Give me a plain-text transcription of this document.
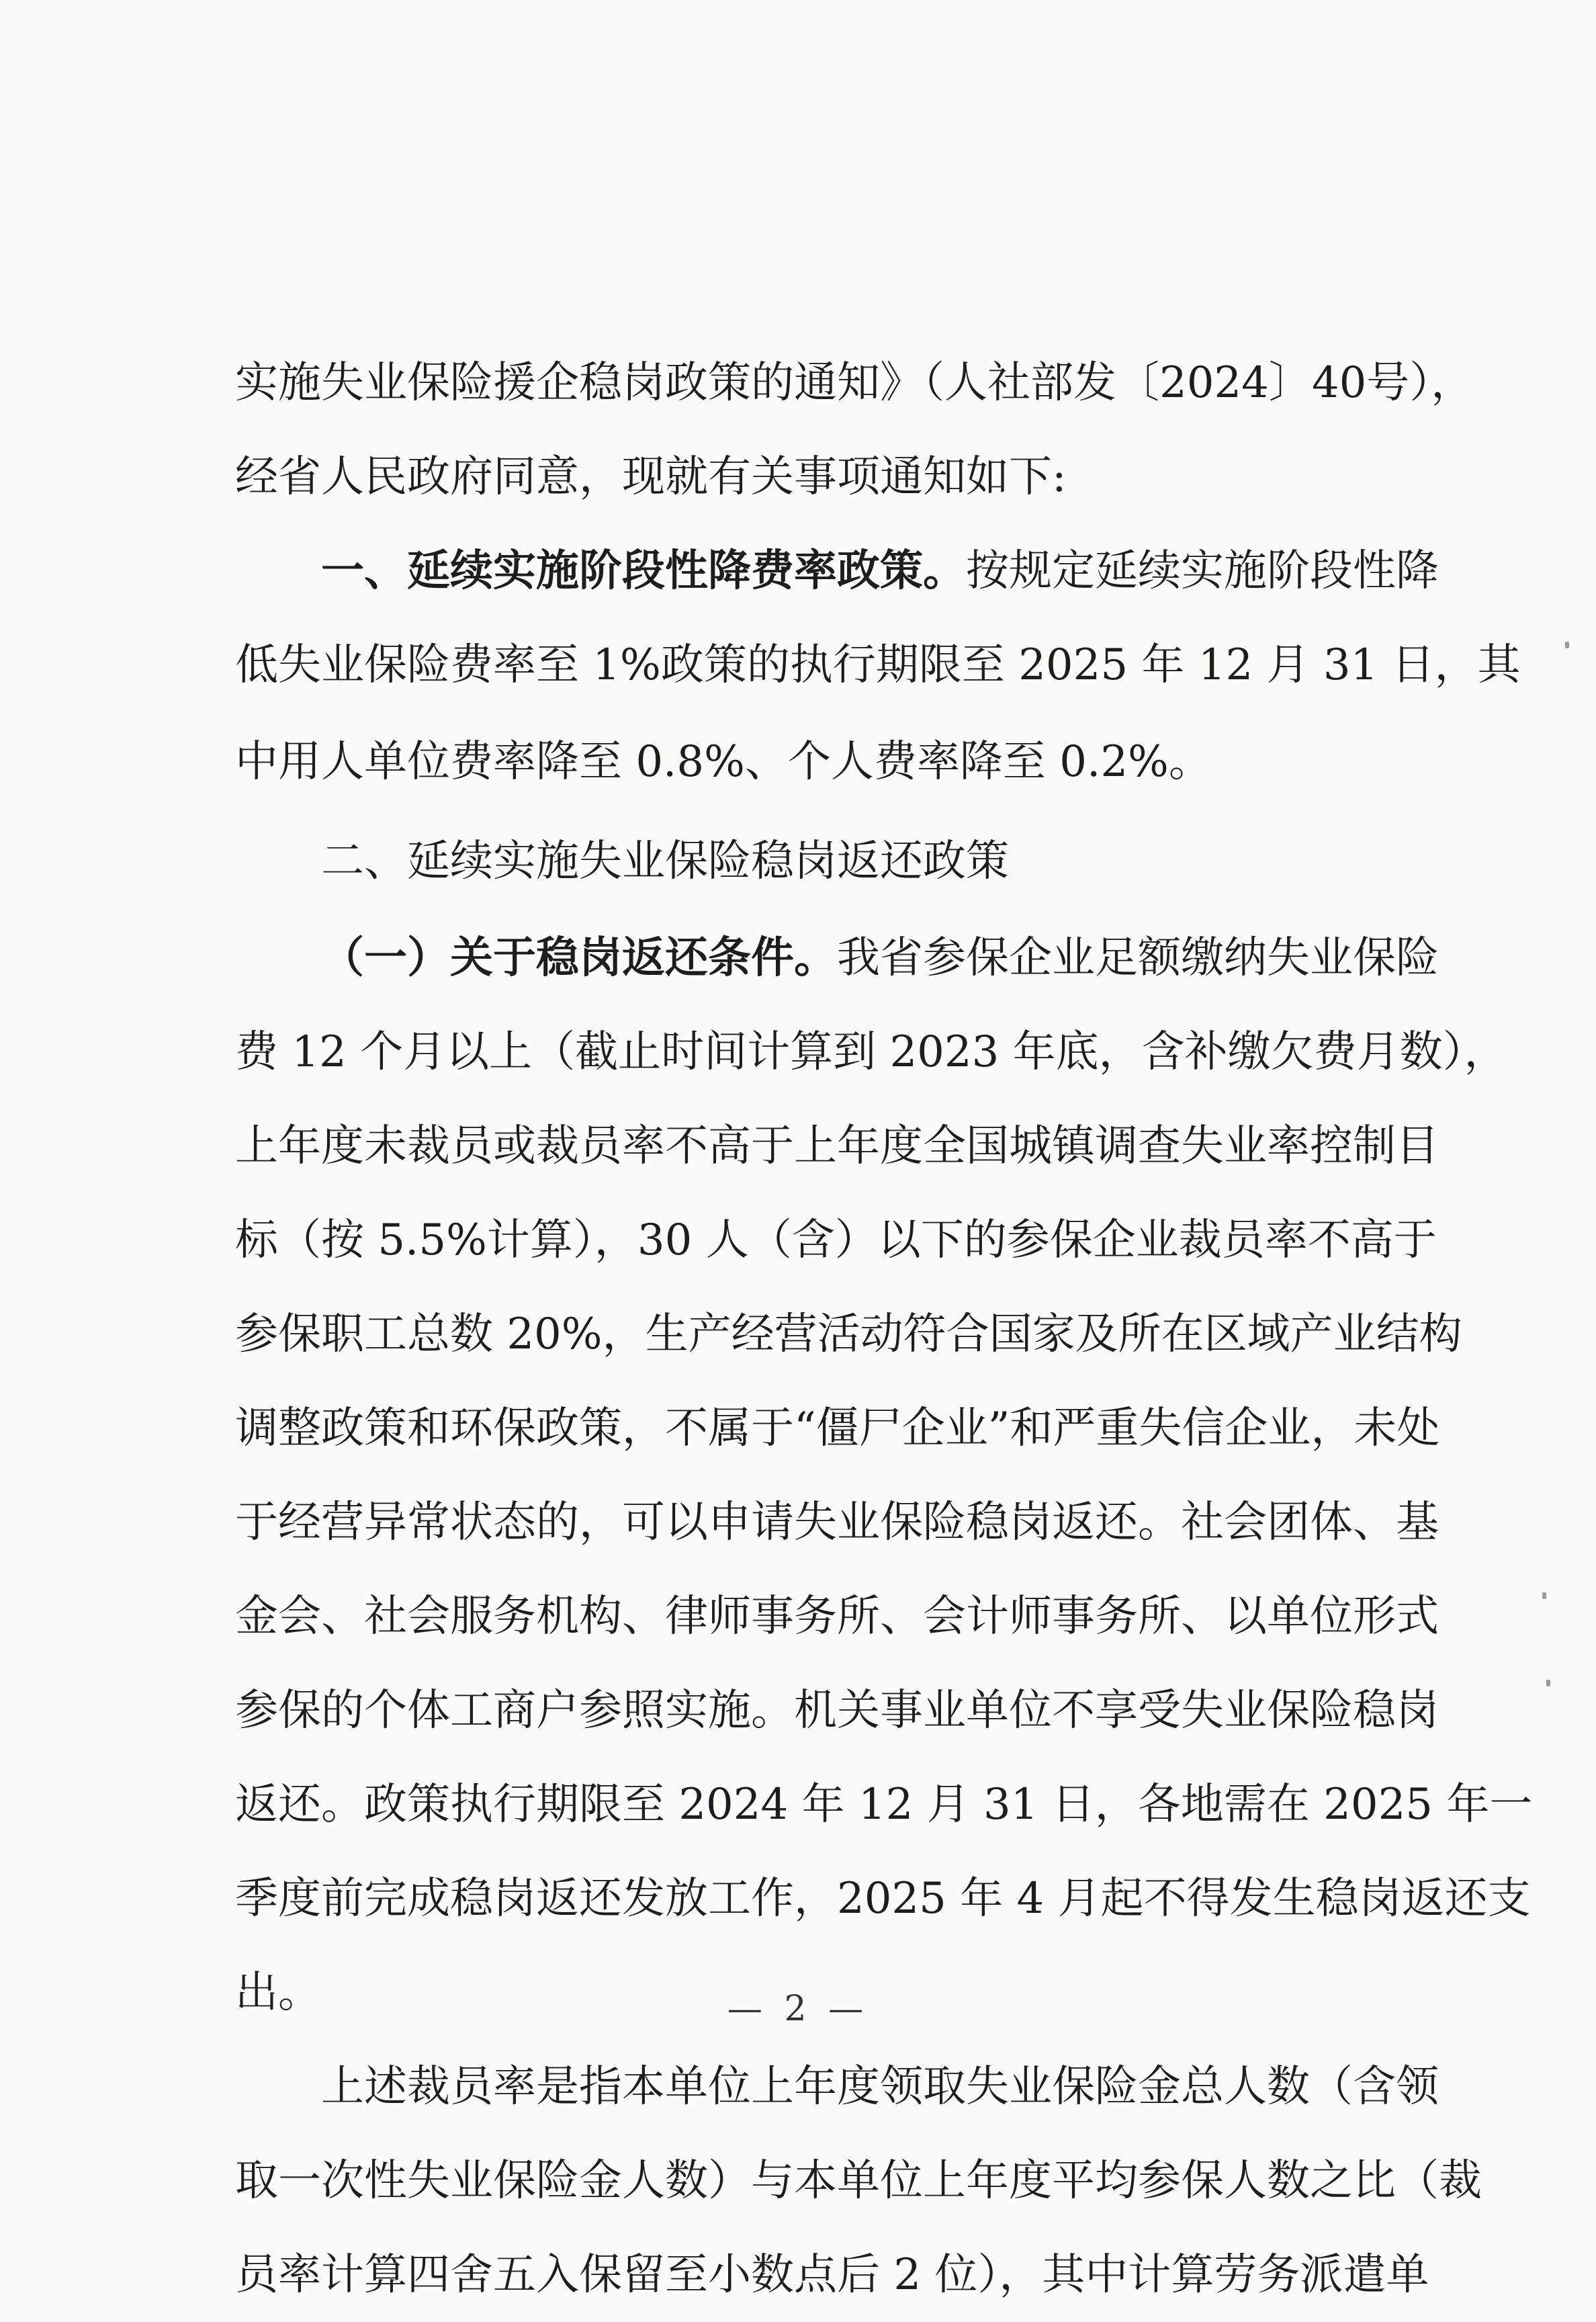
实施失业保险援企稳岗政策的通知》（人社部发〔2024〕40号），
经省人民政府同意，现就有关事项通知如下:
一、延续实施阶段性降费率政策。按规定延续实施阶段性降
低失业保险费率至 1%政策的执行期限至 2025 年 12 月 31 日，其
中用人单位费率降至 0.8%、个人费率降至 0.2%。
二、延续实施失业保险稳岗返还政策
（一）关于稳岗返还条件。我省参保企业足额缴纳失业保险
费 12 个月以上（截止时间计算到 2023 年底，含补缴欠费月数），
上年度未裁员或裁员率不高于上年度全国城镇调查失业率控制目
标（按 5.5%计算），30 人（含）以下的参保企业裁员率不高于
参保职工总数 20%，生产经营活动符合国家及所在区域产业结构
调整政策和环保政策，不属于“僵尸企业”和严重失信企业，未处
于经营异常状态的，可以申请失业保险稳岗返还。社会团体、基
金会、社会服务机构、律师事务所、会计师事务所、以单位形式
参保的个体工商户参照实施。机关事业单位不享受失业保险稳岗
返还。政策执行期限至 2024 年 12 月 31 日，各地需在 2025 年一
季度前完成稳岗返还发放工作，2025 年 4 月起不得发生稳岗返还支
出。
上述裁员率是指本单位上年度领取失业保险金总人数（含领
取一次性失业保险金人数）与本单位上年度平均参保人数之比（裁
员率计算四舍五入保留至小数点后 2 位），其中计算劳务派遣单
— 2 —
